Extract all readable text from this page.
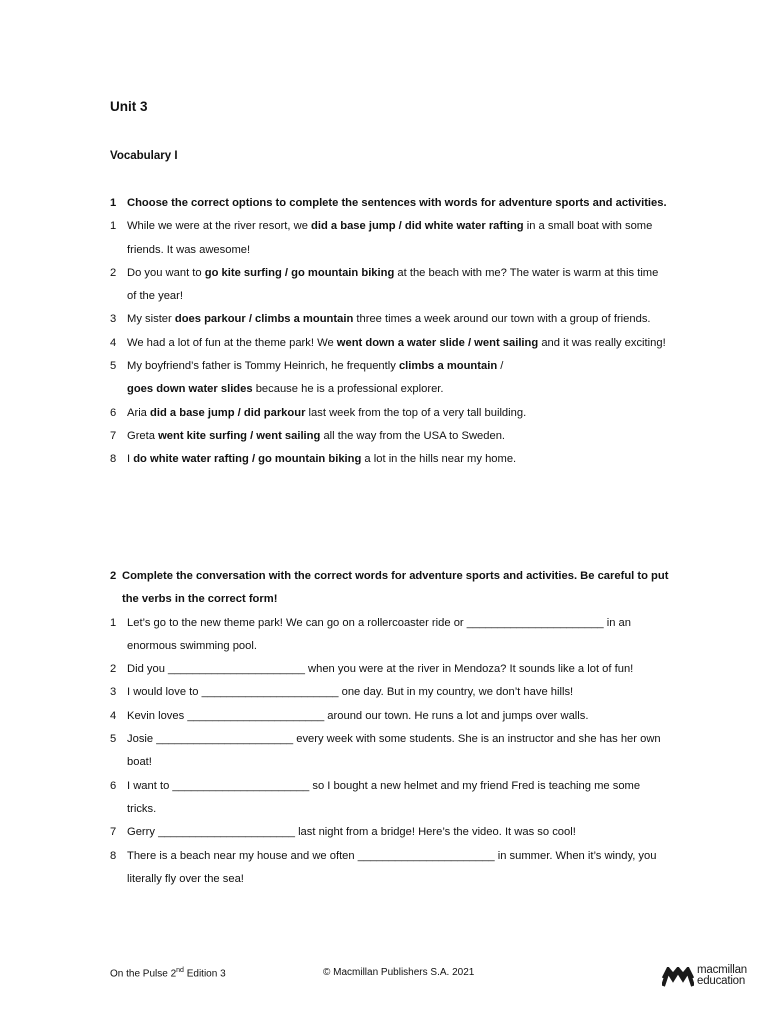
Unit 3
Vocabulary I
1 Choose the correct options to complete the sentences with words for adventure sports and activities.
1 While we were at the river resort, we did a base jump / did white water rafting in a small boat with some friends. It was awesome!
2 Do you want to go kite surfing / go mountain biking at the beach with me? The water is warm at this time of the year!
3 My sister does parkour / climbs a mountain three times a week around our town with a group of friends.
4 We had a lot of fun at the theme park! We went down a water slide / went sailing and it was really exciting!
5 My boyfriend’s father is Tommy Heinrich, he frequently climbs a mountain /
goes down water slides because he is a professional explorer.
6 Aria did a base jump / did parkour last week from the top of a very tall building.
7 Greta went kite surfing / went sailing all the way from the USA to Sweden.
8 I do white water rafting / go mountain biking a lot in the hills near my home.
2 Complete the conversation with the correct words for adventure sports and activities. Be careful to put the verbs in the correct form!
1 Let’s go to the new theme park! We can go on a rollercoaster ride or ______________________ in an enormous swimming pool.
2 Did you ______________________ when you were at the river in Mendoza? It sounds like a lot of fun!
3 I would love to ______________________ one day. But in my country, we don’t have hills!
4 Kevin loves ______________________ around our town. He runs a lot and jumps over walls.
5 Josie ______________________ every week with some students. She is an instructor and she has her own boat!
6 I want to ______________________ so I bought a new helmet and my friend Fred is teaching me some tricks.
7 Gerry ______________________ last night from a bridge! Here’s the video. It was so cool!
8 There is a beach near my house and we often ______________________ in summer. When it’s windy, you literally fly over the sea!
On the Pulse 2nd Edition 3	© Macmillan Publishers S.A. 2021	macmillan
education
